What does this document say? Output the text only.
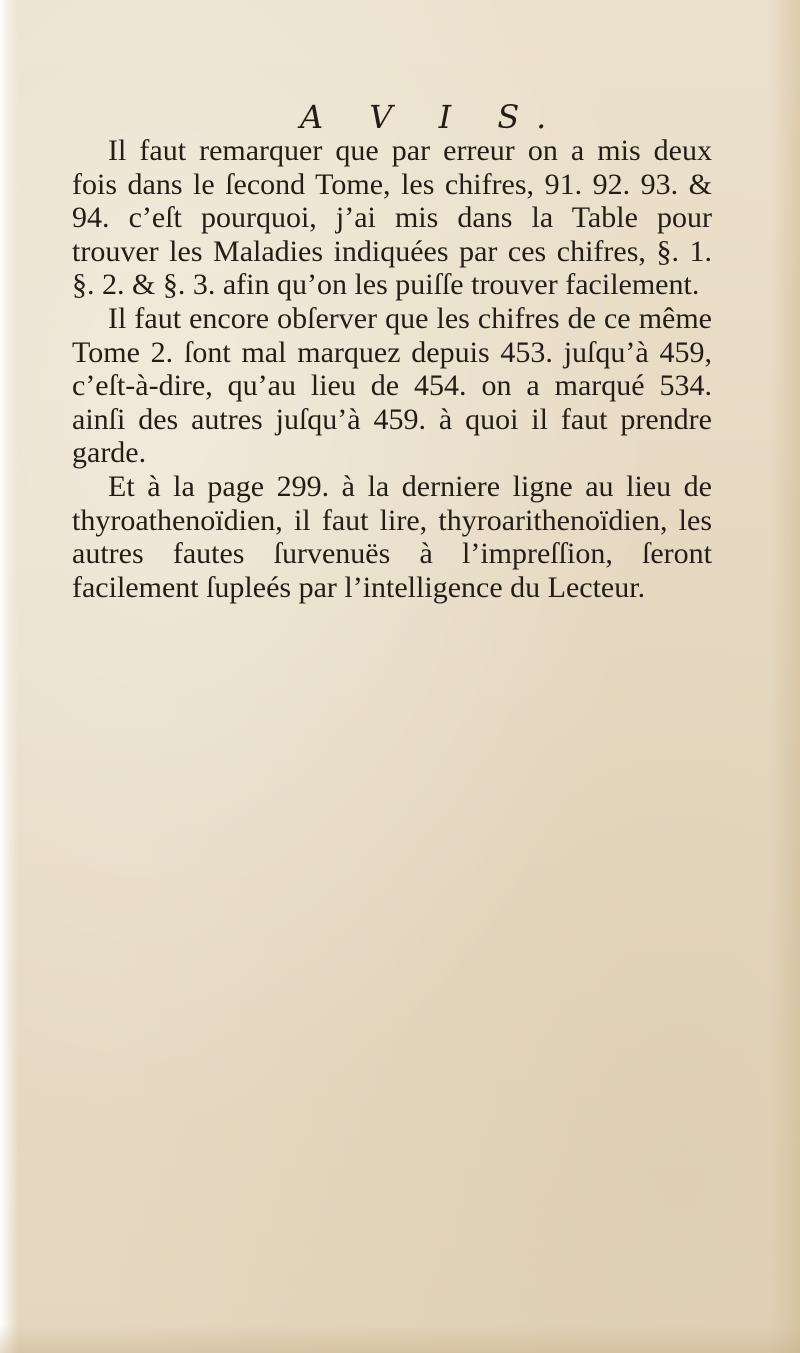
A V I S.

Il faut remarquer que par erreur on a mis deux fois dans le ſecond Tome, les chifres, 91. 92. 93. & 94. c’eſt pourquoi, j’ai mis dans la Table pour trouver les Maladies indiquées par ces chifres, §. 1. §. 2. & §. 3. afin qu’on les puiſſe trouver facilement.

Il faut encore obſerver que les chifres de ce même Tome 2. ſont mal marquez depuis 453. juſqu’à 459, c’eſt-à-dire, qu’au lieu de 454. on a marqué 534. ainſi des autres juſqu’à 459. à quoi il faut prendre garde.

Et à la page 299. à la derniere ligne au lieu de thyroathenoïdien, il faut lire, thyroarithenoïdien, les autres fautes ſurvenuës à l’impreſſion, ſeront facilement ſupleés par l’intelligence du Lecteur.
